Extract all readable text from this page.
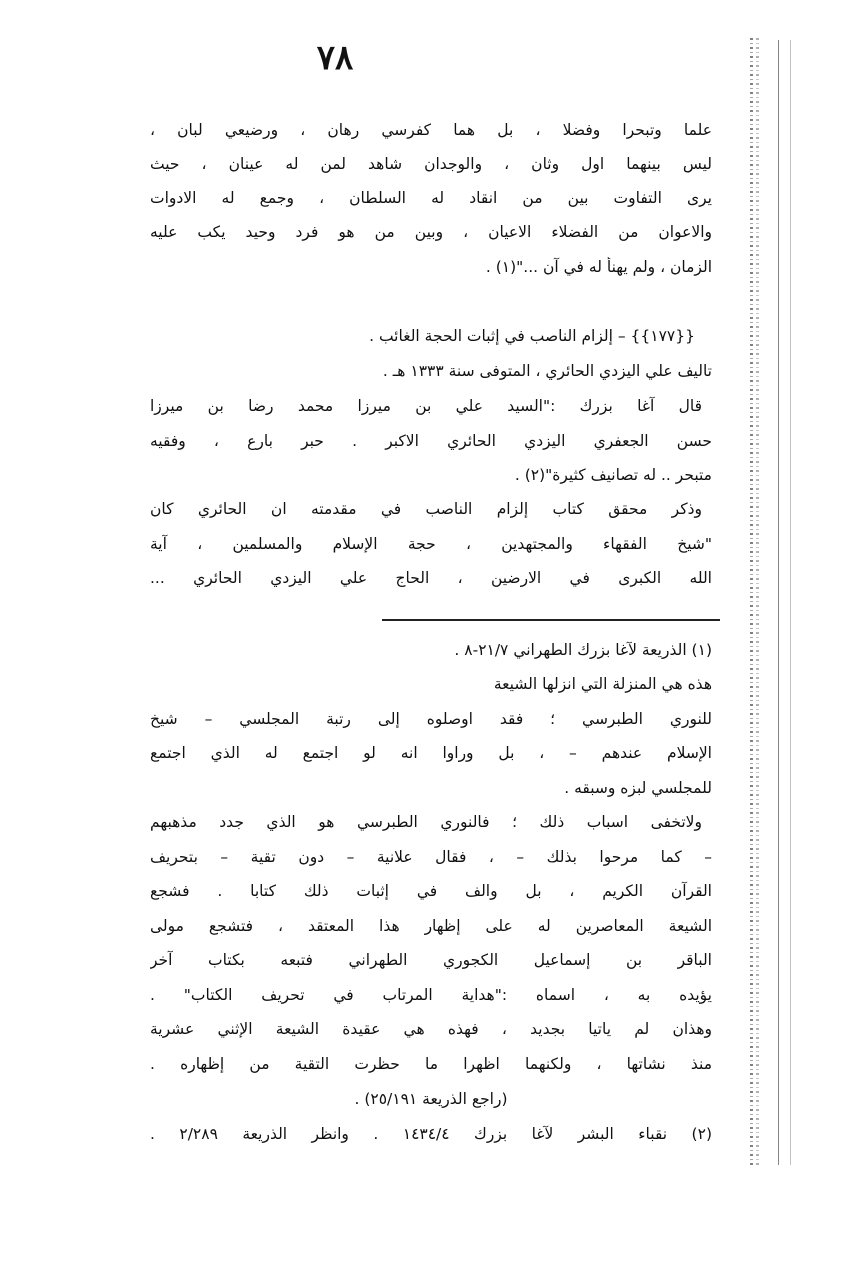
٧٨
علما وتبحرا وفضلا ، بل هما كفرسي رهان ، ورضيعي لبان ،
ليس بينهما اول وثان ، والوجدان شاهد لمن له عينان ، حيث
يرى التفاوت بين من انقاد له السلطان ، وجمع له الادوات
والاعوان من الفضلاء الاعيان ، وبين من هو فرد وحيد يكب عليه
الزمان ، ولم يهنأ له في آن ..."(١) .
{{١٧٧}} – إلزام الناصب في إثبات الحجة الغائب .
تاليف علي اليزدي الحائري ، المتوفى سنة ١٣٣٣ هـ .
قال آغا بزرك :"السيد علي بن ميرزا محمد رضا بن ميرزا
حسن الجعفري اليزدي الحائري الاكبر . حبر بارع ، وفقيه
متبحر .. له تصانيف كثيرة"(٢) .
وذكر محقق كتاب إلزام الناصب في مقدمته ان الحائري كان
"شيخ الفقهاء والمجتهدين ، حجة الإسلام والمسلمين ، آية
الله الكبرى في الارضين ، الحاج علي اليزدي الحائري ...
(١) الذريعة لآغا بزرك الطهراني ٢١/٧-٨ .
هذه هي المنزلة التي انزلها الشيعة
للنوري الطبرسي ؛ فقد اوصلوه إلى رتبة المجلسي – شيخ
الإسلام عندهم – ، بل وراوا انه لو اجتمع له الذي اجتمع
للمجلسي لبزه وسبقه .
ولاتخفى اسباب ذلك ؛ فالنوري الطبرسي هو الذي جدد مذهبهم
– كما مرحوا بذلك – ، فقال علانية – دون تقية – بتحريف
القرآن الكريم ، بل والف في إثبات ذلك كتابا . فشجع
الشيعة المعاصرين له على إظهار هذا المعتقد ، فتشجع مولى
الباقر بن إسماعيل الكجوري الطهراني فتبعه بكتاب آخر
يؤيده به ، اسماه :"هداية المرتاب في تحريف الكتاب" .
وهذان لم ياتيا بجديد ، فهذه هي عقيدة الشيعة الإثني عشرية
منذ نشاتها ، ولكنهما اظهرا ما حظرت التقية من إظهاره .
(راجع الذريعة ٢٥/١٩١) .
(٢) نقباء البشر لآغا بزرك ١٤٣٤/٤ . وانظر الذريعة ٢/٢٨٩ .
